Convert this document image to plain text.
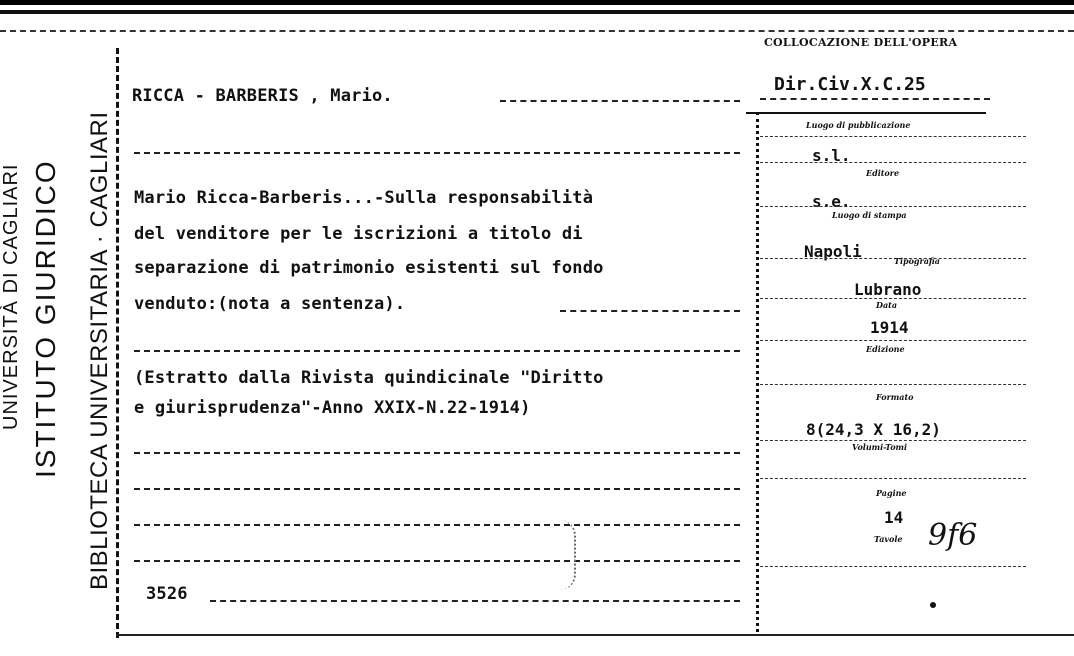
UNIVERSITÀ DI CAGLIARI ISTITUTO GIURIDICO BIBLIOTECA UNIVERSITARIA · CAGLIARI
COLLOCAZIONE DELL'OPERA
Dir.Civ.X.C.25
RICCA - BARBERIS , Mario.
Mario Ricca-Barberis...-Sulla responsabilità
del venditore per le iscrizioni a titolo di
separazione di patrimonio esistenti sul fondo
venduto:(nota a sentenza).
(Estratto dalla Rivista quindicinale "Diritto
e giurisprudenza"-Anno XXIX-N.22-1914)
3526
Luogo di pubblicazione
s.l.
Editore
s.e.
Luogo di stampa
Napoli	Tipografia
Lubrano
Data
1914
Edizione
Formato
8(24,3 X 16,2)
Volumi-Tomi
Pagine
14
Tavole 9f6
